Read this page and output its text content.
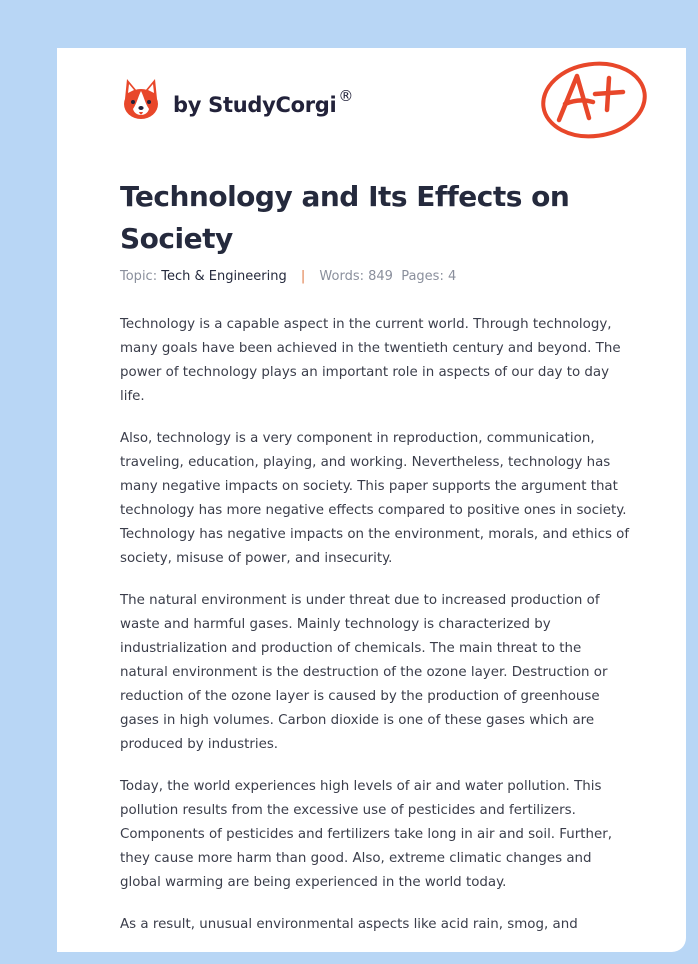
by StudyCorgi ®
Technology and Its Effects on Society
Topic: Tech & Engineering | Words: 849 Pages: 4

Technology is a capable aspect in the current world. Through technology, many goals have been achieved in the twentieth century and beyond. The power of technology plays an important role in aspects of our day to day life.

Also, technology is a very component in reproduction, communication, traveling, education, playing, and working. Nevertheless, technology has many negative impacts on society. This paper supports the argument that technology has more negative effects compared to positive ones in society. Technology has negative impacts on the environment, morals, and ethics of society, misuse of power, and insecurity.

The natural environment is under threat due to increased production of waste and harmful gases. Mainly technology is characterized by industrialization and production of chemicals. The main threat to the natural environment is the destruction of the ozone layer. Destruction or reduction of the ozone layer is caused by the production of greenhouse gases in high volumes. Carbon dioxide is one of these gases which are produced by industries.

Today, the world experiences high levels of air and water pollution. This pollution results from the excessive use of pesticides and fertilizers. Components of pesticides and fertilizers take long in air and soil. Further, they cause more harm than good. Also, extreme climatic changes and global warming are being experienced in the world today.

As a result, unusual environmental aspects like acid rain, smog, and
